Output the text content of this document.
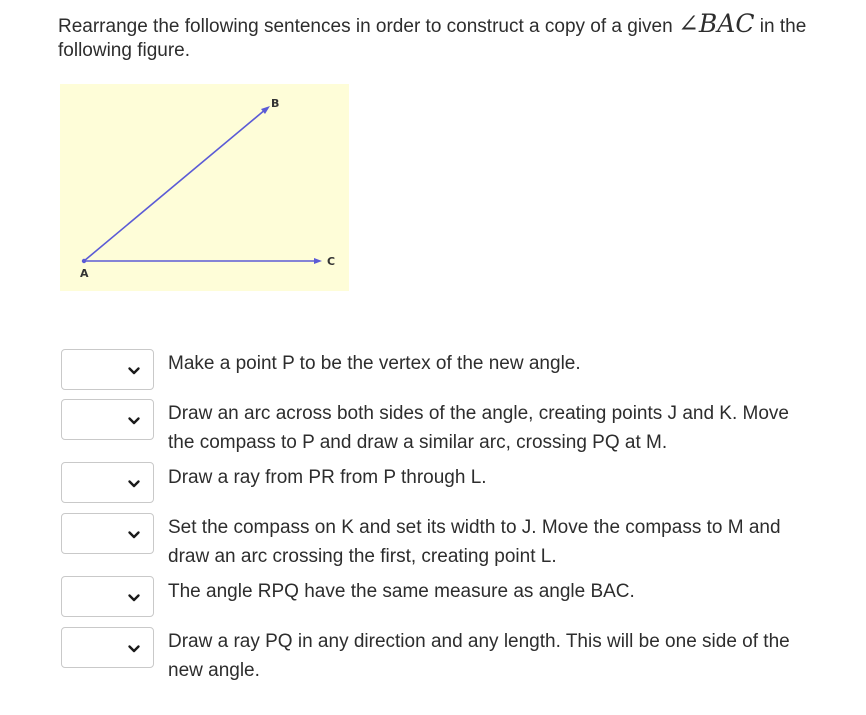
Rearrange the following sentences in order to construct a copy of a given ∠BAC in the following figure.
A
B
C
Make a point P to be the vertex of the new angle.
Draw an arc across both sides of the angle, creating points J and K. Move the compass to P and draw a similar arc, crossing PQ at M.
Draw a ray from PR from P through L.
Set the compass on K and set its width to J. Move the compass to M and draw an arc crossing the first, creating point L.
The angle RPQ have the same measure as angle BAC.
Draw a ray PQ in any direction and any length. This will be one side of the new angle.
